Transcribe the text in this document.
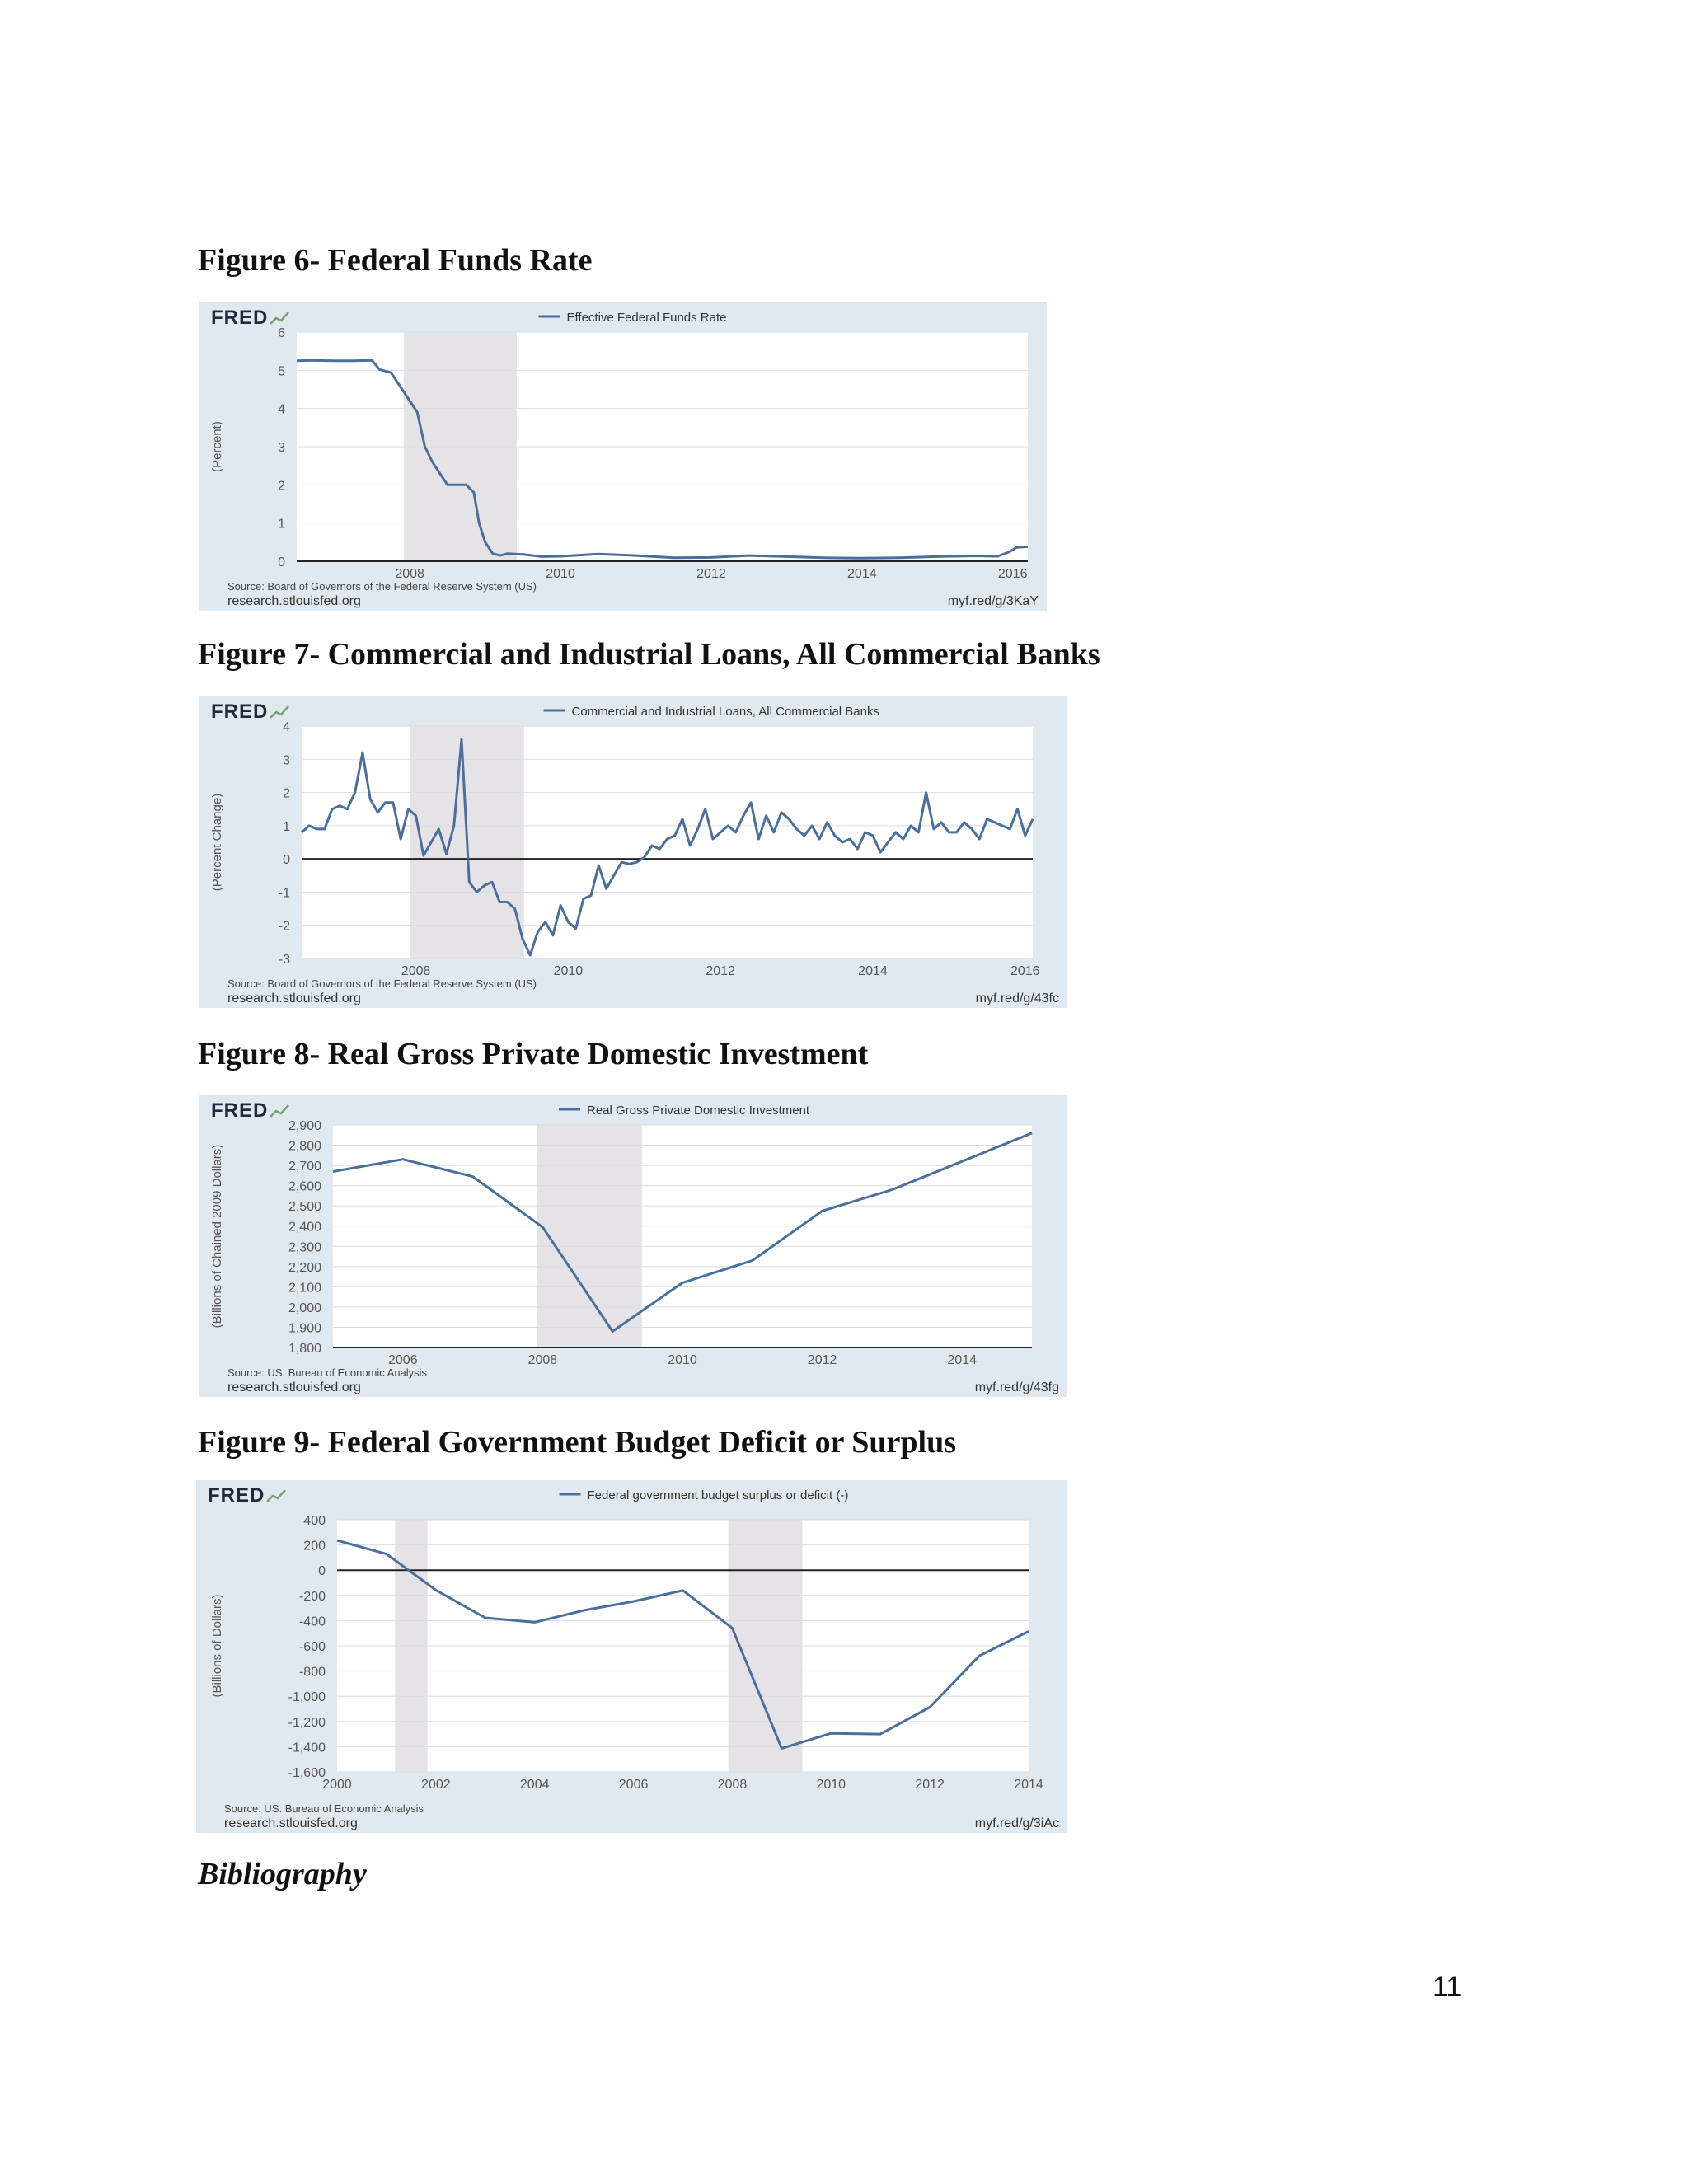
Figure 6- Federal Funds Rate
0
1
2
3
4
5
6
2008	2010	2012	2014	2016
(Percent)
FRED	Effective Federal Funds Rate
Source: Board of Governors of the Federal Reserve System (US)
research.stlouisfed.org	myf.red/g/3KaY
Figure 7- Commercial and Industrial Loans, All Commercial Banks
-3
-2
-1
0
1
2
3
4
2008	2010	2012	2014	2016
(Percent Change)
FRED	Commercial and Industrial Loans, All Commercial Banks
Source: Board of Governors of the Federal Reserve System (US)
research.stlouisfed.org	myf.red/g/43fc
Figure 8- Real Gross Private Domestic Investment
1,800
1,900
2,000
2,100
2,200
2,300
2,400
2,500
2,600
2,700
2,800
2,900
2006	2008	2010	2012	2014
(Billions of Chained 2009 Dollars)
FRED	Real Gross Private Domestic Investment
Source: US. Bureau of Economic Analysis
research.stlouisfed.org	myf.red/g/43fg
Figure 9- Federal Government Budget Deficit or Surplus
-1,600
-1,400
-1,200
-1,000
-800
-600
-400
-200
0
200
400
2000	2002	2004	2006	2008	2010	2012	2014
(Billions of Dollars)
FRED	Federal government budget surplus or deficit (-)
Source: US. Bureau of Economic Analysis
research.stlouisfed.org	myf.red/g/3iAc

Bibliography

11
